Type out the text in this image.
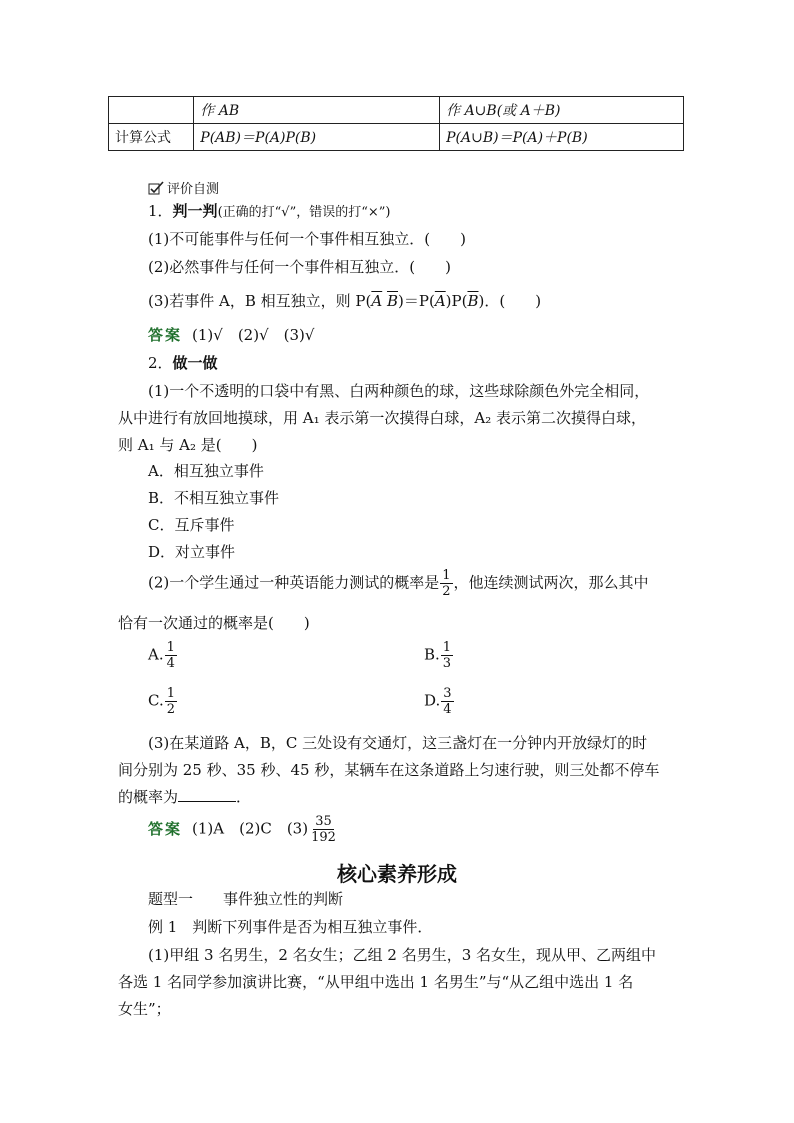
	作 AB	作 A∪B(或 A＋B)
计算公式	P(AB)＝P(A)P(B)	P(A∪B)＝P(A)＋P(B)
评价自测
1．判一判(正确的打“√”，错误的打“×”)
(1)不可能事件与任何一个事件相互独立．(　　)
(2)必然事件与任何一个事件相互独立．(　　)
(3)若事件 A，B 相互独立，则 $P(\overline{A}$ $\overline{B})=P(\overline{A})P(\overline{B})$．(　　)
答案 (1)√　(2)√　(3)√
2．做一做
(1)一个不透明的口袋中有黑、白两种颜色的球，这些球除颜色外完全相同，
从中进行有放回地摸球，用 A₁ 表示第一次摸得白球，A₂ 表示第二次摸得白球，
则 A₁ 与 A₂ 是(　　)
A．相互独立事件
B．不相互独立事件
C．互斥事件
D．对立事件
(2)一个学生通过一种英语能力测试的概率是 $\frac{1}{2}$ ，他连续测试两次，那么其中
恰有一次通过的概率是(　　)
A. $\frac{1}{4}$	B. $\frac{1}{3}$
C. $\frac{1}{2}$	D. $\frac{3}{4}$
(3)在某道路 A，B，C 三处设有交通灯，这三盏灯在一分钟内开放绿灯的时
间分别为 25 秒、35 秒、45 秒，某辆车在这条道路上匀速行驶，则三处都不停车
的概率为	．
答案 (1)A　(2)C　$(3) \frac{35}{192}$
核心素养形成
题型一 事件独立性的判断
例 1　判断下列事件是否为相互独立事件．
(1)甲组 3 名男生，2 名女生；乙组 2 名男生，3 名女生，现从甲、乙两组中
各选 1 名同学参加演讲比赛，“从甲组中选出 1 名男生”与“从乙组中选出 1 名
女生”；
